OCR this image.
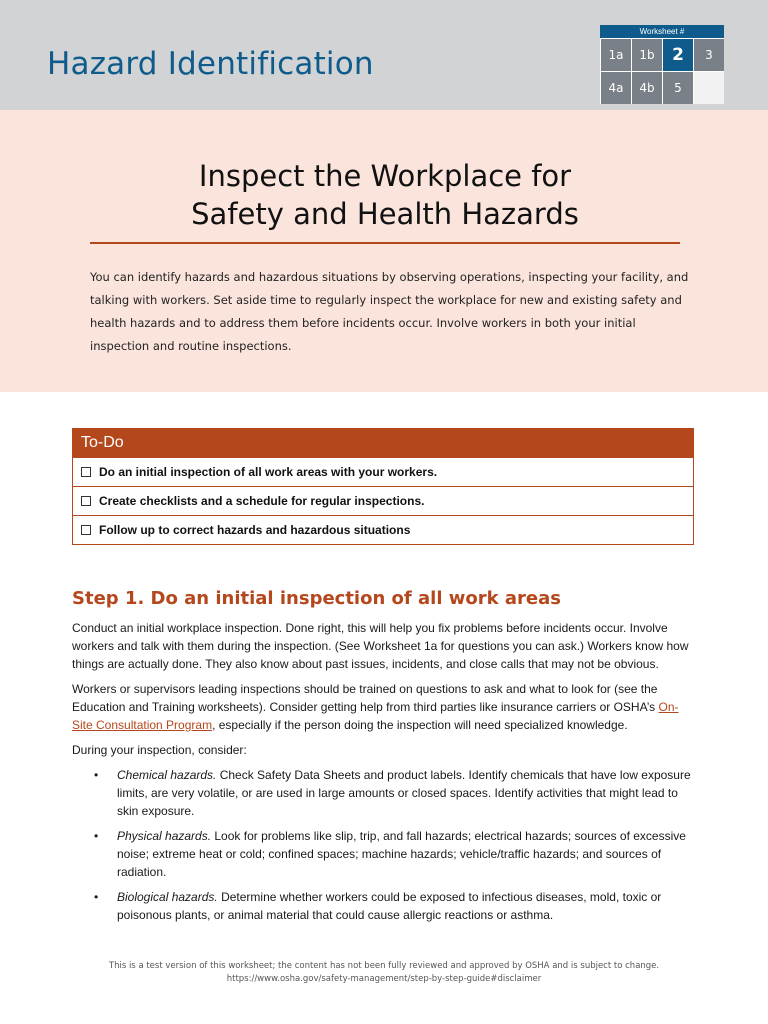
Hazard Identification
Worksheet #
1a	1b	2	3
4a	4b	5
Inspect the Workplace for
Safety and Health Hazards

You can identify hazards and hazardous situations by observing operations, inspecting your facility, and talking with workers. Set aside time to regularly inspect the workplace for new and existing safety and health hazards and to address them before incidents occur. Involve workers in both your initial inspection and routine inspections.

To-Do
Do an initial inspection of all work areas with your workers.
Create checklists and a schedule for regular inspections.
Follow up to correct hazards and hazardous situations
Step 1. Do an initial inspection of all work areas

Conduct an initial workplace inspection. Done right, this will help you fix problems before incidents occur. Involve workers and talk with them during the inspection. (See Worksheet 1a for questions you can ask.) Workers know how things are actually done. They also know about past issues, incidents, and close calls that may not be obvious.

Workers or supervisors leading inspections should be trained on questions to ask and what to look for (see the Education and Training worksheets). Consider getting help from third parties like insurance carriers or OSHA’s On-Site Consultation Program, especially if the person doing the inspection will need specialized knowledge.

During your inspection, consider:

• Chemical hazards. Check Safety Data Sheets and product labels. Identify chemicals that have low exposure limits, are very volatile, or are used in large amounts or closed spaces. Identify activities that might lead to skin exposure.
• Physical hazards. Look for problems like slip, trip, and fall hazards; electrical hazards; sources of excessive noise; extreme heat or cold; confined spaces; machine hazards; vehicle/traffic hazards; and sources of radiation.
• Biological hazards. Determine whether workers could be exposed to infectious diseases, mold, toxic or poisonous plants, or animal material that could cause allergic reactions or asthma.
This is a test version of this worksheet; the content has not been fully reviewed and approved by OSHA and is subject to change.
https://www.osha.gov/safety-management/step-by-step-guide#disclaimer
